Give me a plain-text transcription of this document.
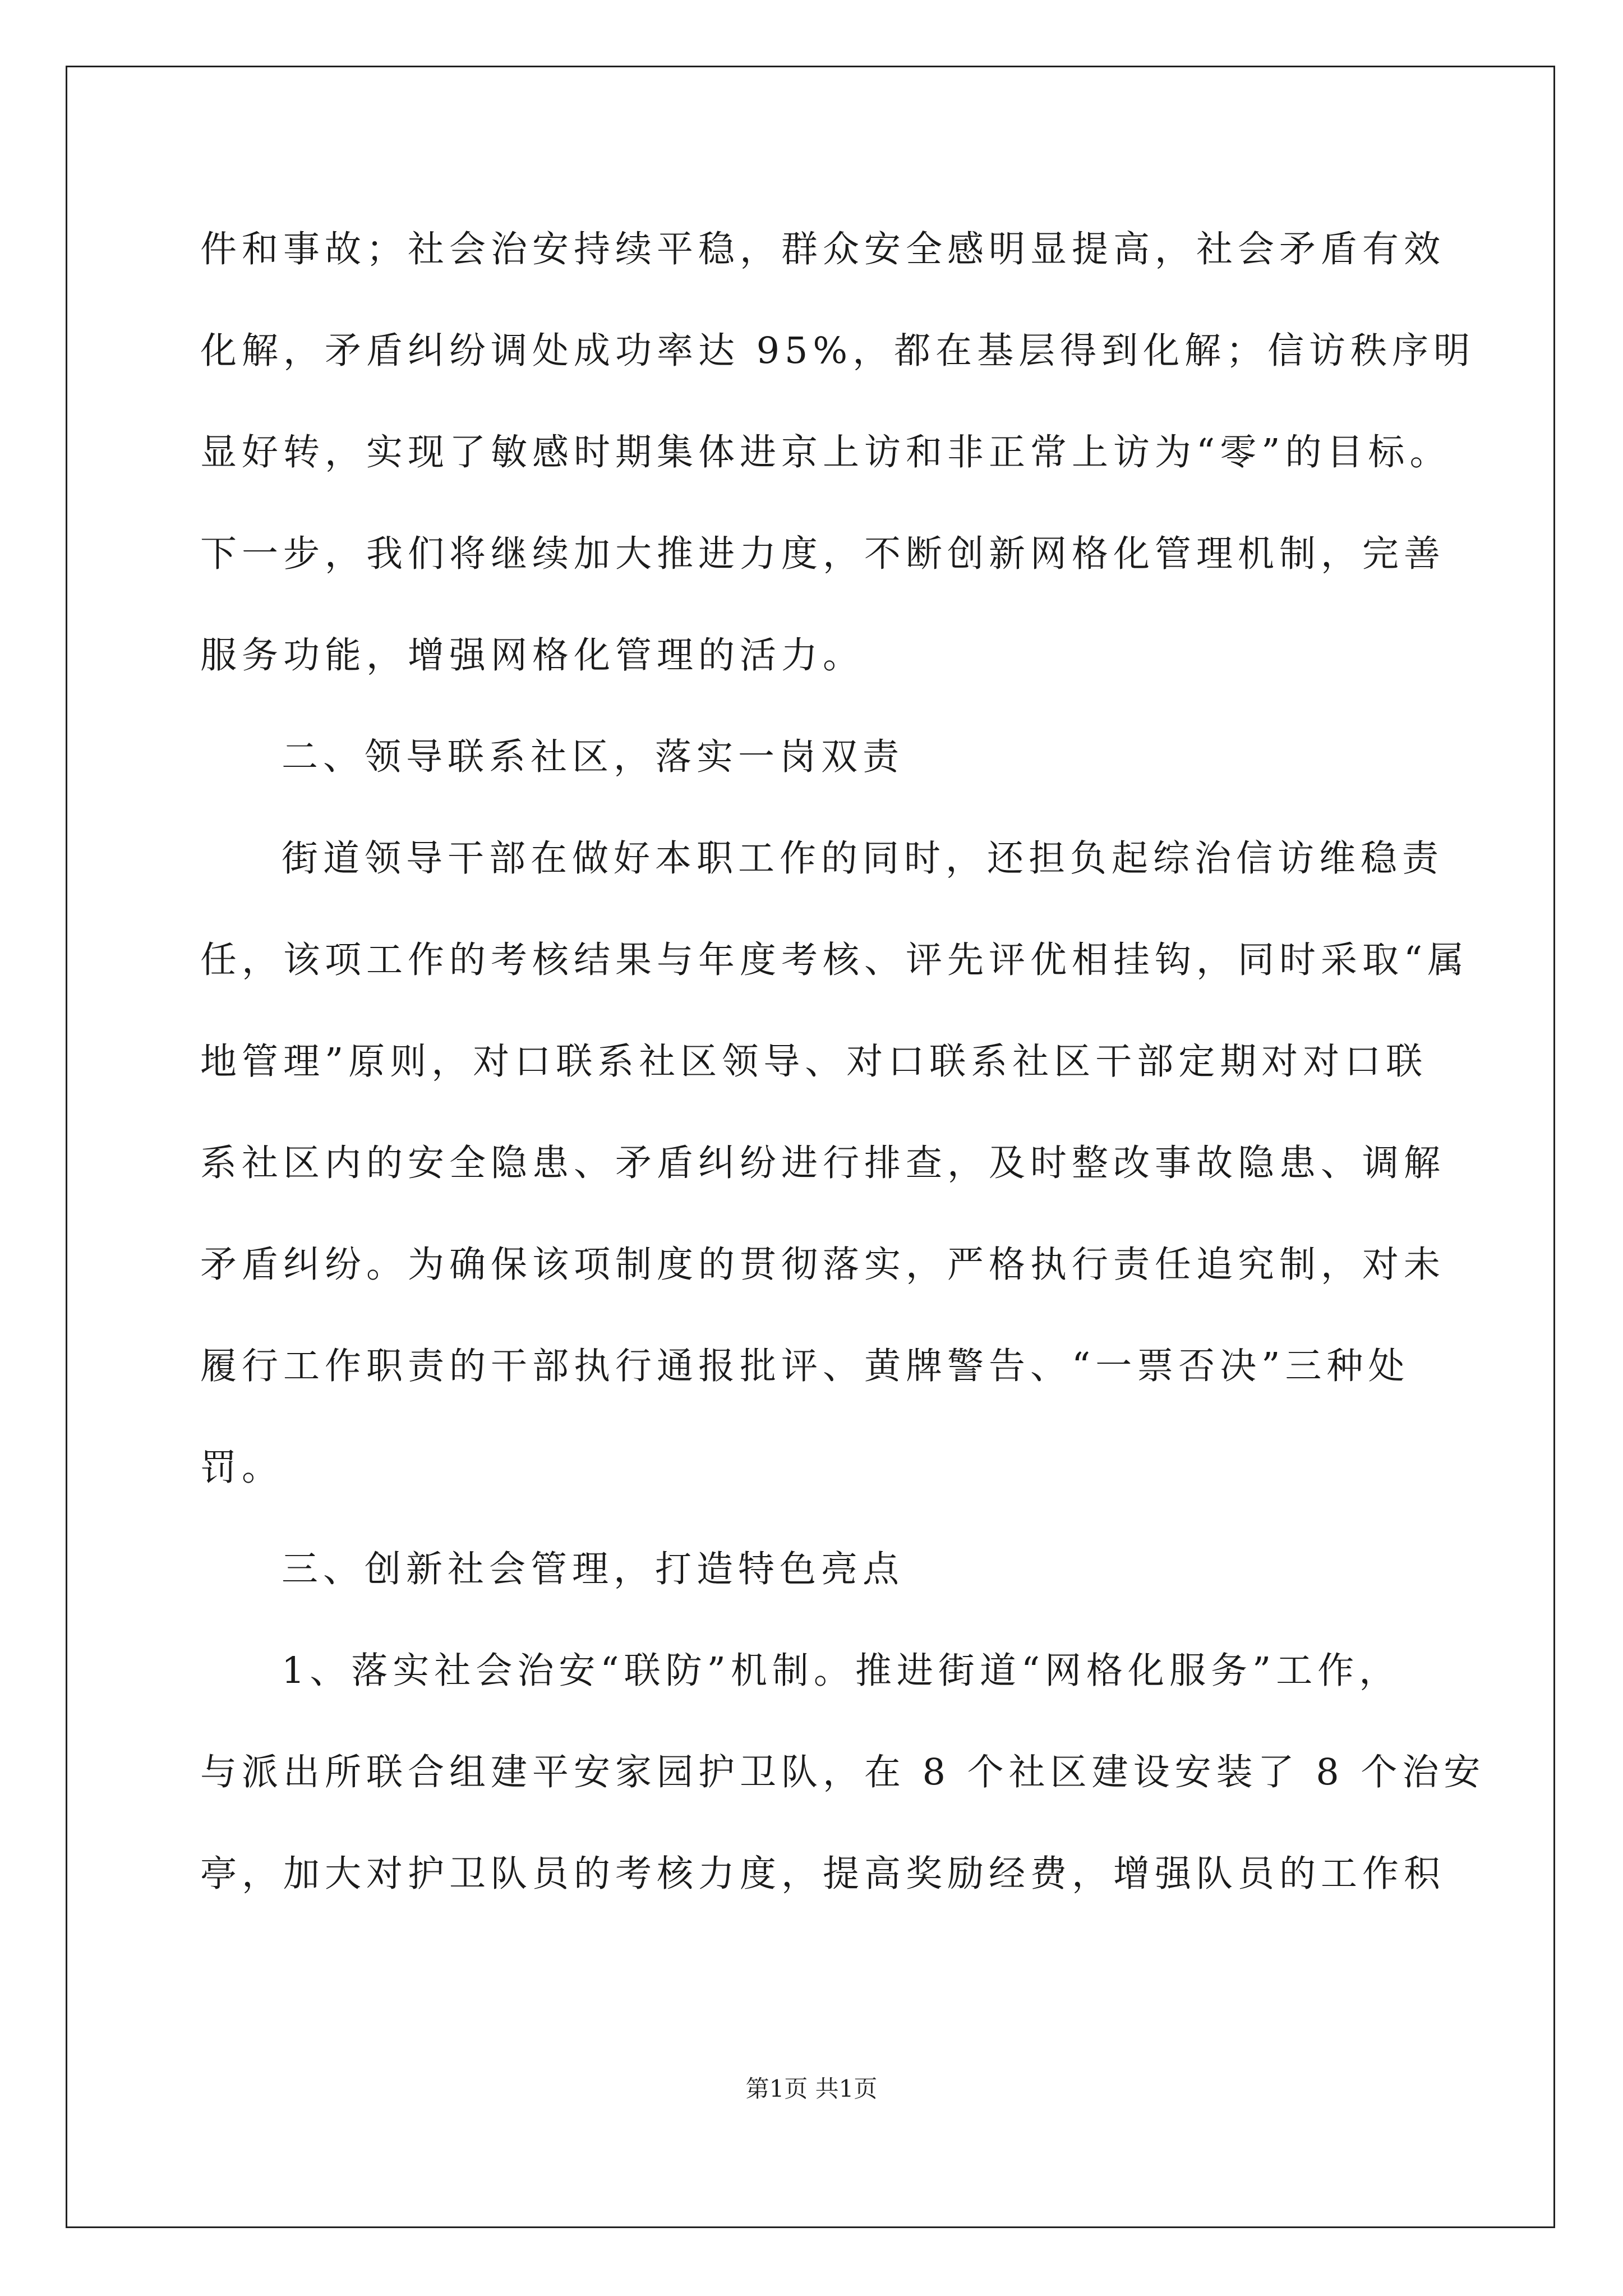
件和事故；社会治安持续平稳，群众安全感明显提高，社会矛盾有效
化解，矛盾纠纷调处成功率达 95%，都在基层得到化解；信访秩序明
显好转，实现了敏感时期集体进京上访和非正常上访为“零”的目标。
下一步，我们将继续加大推进力度，不断创新网格化管理机制，完善
服务功能，增强网格化管理的活力。
二、领导联系社区，落实一岗双责
街道领导干部在做好本职工作的同时，还担负起综治信访维稳责
任，该项工作的考核结果与年度考核、评先评优相挂钩，同时采取“属
地管理”原则，对口联系社区领导、对口联系社区干部定期对对口联
系社区内的安全隐患、矛盾纠纷进行排查，及时整改事故隐患、调解
矛盾纠纷。为确保该项制度的贯彻落实，严格执行责任追究制，对未
履行工作职责的干部执行通报批评、黄牌警告、“一票否决”三种处
罚。
三、创新社会管理，打造特色亮点
1、落实社会治安“联防”机制。推进街道“网格化服务”工作，
与派出所联合组建平安家园护卫队，在 8 个社区建设安装了 8 个治安
亭，加大对护卫队员的考核力度，提高奖励经费，增强队员的工作积
第1页 共1页
